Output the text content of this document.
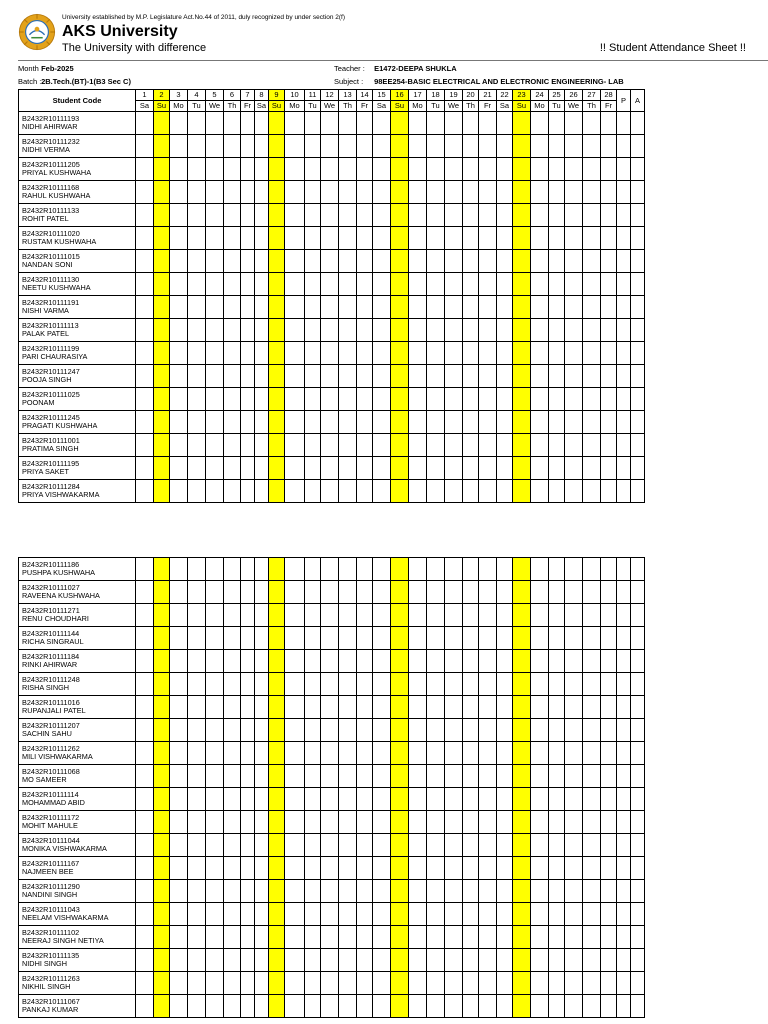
University established by M.P. Legislature Act.No.44 of 2011, duly recognized by under section 2(f)
AKS University
The University with difference	!! Student Attendance Sheet !!
Month : Feb-2025
Batch : 2B.Tech.(BT)-1(B3 Sec C)
Teacher : E1472-DEEPA SHUKLA
Subject : 98EE254-BASIC ELECTRICAL AND ELECTRONIC ENGINEERING- LAB
Student Code	1	2	3	4	5	6	7	8	9	10	11	12	13	14	15	16	17	18	19	20	21	22	23	24	25	26	27	28	P	A
	Sa	Su	Mo	Tu	We	Th	Fr	Sa	Su	Mo	Tu	We	Th	Fr	Sa	Su	Mo	Tu	We	Th	Fr	Sa	Su	Mo	Tu	We	Th	Fr		

B2432R10111193
NIDHI AHIRWAR																														

B2432R10111232
NIDHI VERMA																														

B2432R10111205
PRIYAL KUSHWAHA																														

B2432R10111168
RAHUL KUSHWAHA																														

B2432R10111133
ROHIT PATEL																														

B2432R10111020
RUSTAM KUSHWAHA																														

B2432R10111015
NANDAN SONI																														

B2432R10111130
NEETU KUSHWAHA																														

B2432R10111191
NISHI VARMA																														

B2432R10111113
PALAK PATEL																														

B2432R10111199
PARI CHAURASIYA																														

B2432R10111247
POOJA SINGH																														

B2432R10111025
POONAM																														

B2432R10111245
PRAGATI KUSHWAHA																														

B2432R10111001
PRATIMA SINGH																														

B2432R10111195
PRIYA SAKET																														

B2432R10111284
PRIYA VISHWAKARMA																														

B2432R10111186
PUSHPA KUSHWAHA																														

B2432R10111027
RAVEENA KUSHWAHA																														

B2432R10111271
RENU CHOUDHARI																														

B2432R10111144
RICHA SINGRAUL																														

B2432R10111184
RINKI AHIRWAR																														

B2432R10111248
RISHA SINGH																														

B2432R10111016
RUPANJALI PATEL																														

B2432R10111207
SACHIN SAHU																														

B2432R10111262
MILI VISHWAKARMA																														

B2432R10111068
MO SAMEER																														

B2432R10111114
MOHAMMAD ABID																														

B2432R10111172
MOHIT MAHULE																														

B2432R10111044
MONIKA VISHWAKARMA																														

B2432R10111167
NAJMEEN BEE																														

B2432R10111290
NANDINI SINGH																														

B2432R10111043
NEELAM VISHWAKARMA																														

B2432R10111102
NEERAJ SINGH NETIYA																														

B2432R10111135
NIDHI SINGH																														

B2432R10111263
NIKHIL SINGH																														

B2432R10111067
PANKAJ KUMAR																														
